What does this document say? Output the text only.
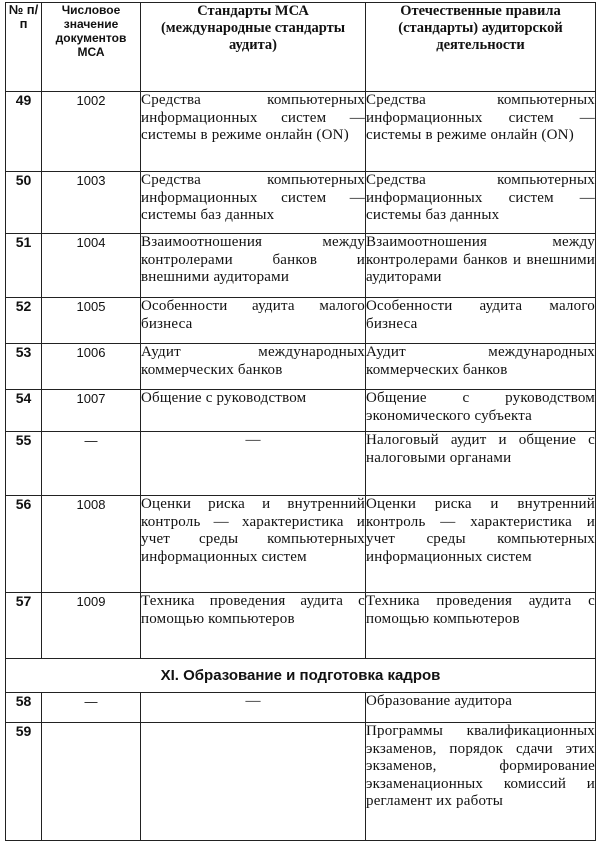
№ п/п	Числовое значение документов МСА	Стандарты МСА (международные стандарты аудита)	Отечественные правила (стандарты) аудиторской деятельности
49	1002	Средства компьютерных информационных систем — системы в режиме онлайн (ON)	Средства компьютерных информационных систем — системы в режиме онлайн (ON)
50	1003	Средства компьютерных информационных систем — системы баз данных	Средства компьютерных информационных систем — системы баз данных
51	1004	Взаимоотношения между контролерами банков и внешними аудиторами	Взаимоотношения между контролерами банков и внешними аудиторами
52	1005	Особенности аудита малого бизнеса	Особенности аудита малого бизнеса
53	1006	Аудит международных коммерческих банков	Аудит международных коммерческих банков
54	1007	Общение с руководством	Общение с руководством экономического субъекта
55	—	—	Налоговый аудит и общение с налоговыми органами
56	1008	Оценки риска и внутренний контроль — характеристика и учет среды компьютерных информационных систем	Оценки риска и внутренний контроль — характеристика и учет среды компьютерных информационных систем
57	1009	Техника проведения аудита с помощью компьютеров	Техника проведения аудита с помощью компьютеров
XI. Образование и подготовка кадров			
58	—	—	Образование аудитора
59			Программы квалификационных экзаменов, порядок сдачи этих экзаменов, формирование экзаменационных комиссий и регламент их работы
